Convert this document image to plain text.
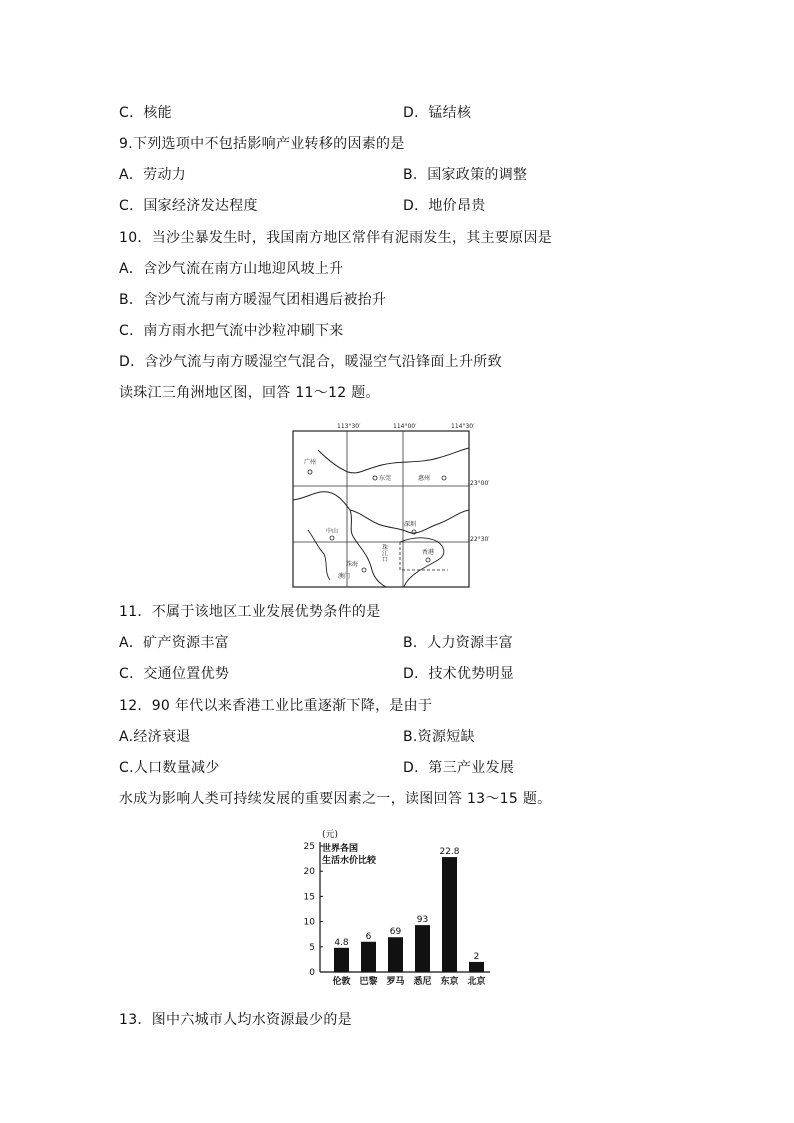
C．核能	D．锰结核
9.下列选项中不包括影响产业转移的因素的是
A．劳动力	B．国家政策的调整
C．国家经济发达程度	D．地价昂贵
10．当沙尘暴发生时，我国南方地区常伴有泥雨发生，其主要原因是
A．含沙气流在南方山地迎风坡上升
B．含沙气流与南方暖湿气团相遇后被抬升
C．南方雨水把气流中沙粒冲刷下来
D．含沙气流与南方暖湿空气混合，暖湿空气沿锋面上升所致
读珠江三角洲地区图，回答 11～12 题。
113°30′	114°00′	114°30′
23°00′
22°30′
广州
东莞	惠州
中山
深圳
珠海
香港
澳门
珠江口
11．不属于该地区工业发展优势条件的是
A．矿产资源丰富	B．人力资源丰富
C．交通位置优势	D．技术优势明显
12．90 年代以来香港工业比重逐渐下降，是由于
A.经济衰退	B.资源短缺
C.人口数量减少	D．第三产业发展
水成为影响人类可持续发展的重要因素之一，读图回答 13～15 题。
(元)
世界各国
生活水价比较
0
5
10
15
20
25
4.8
伦敦
6
巴黎
69
罗马
93
悉尼
22.8
东京
2
北京
13．图中六城市人均水资源最少的是
